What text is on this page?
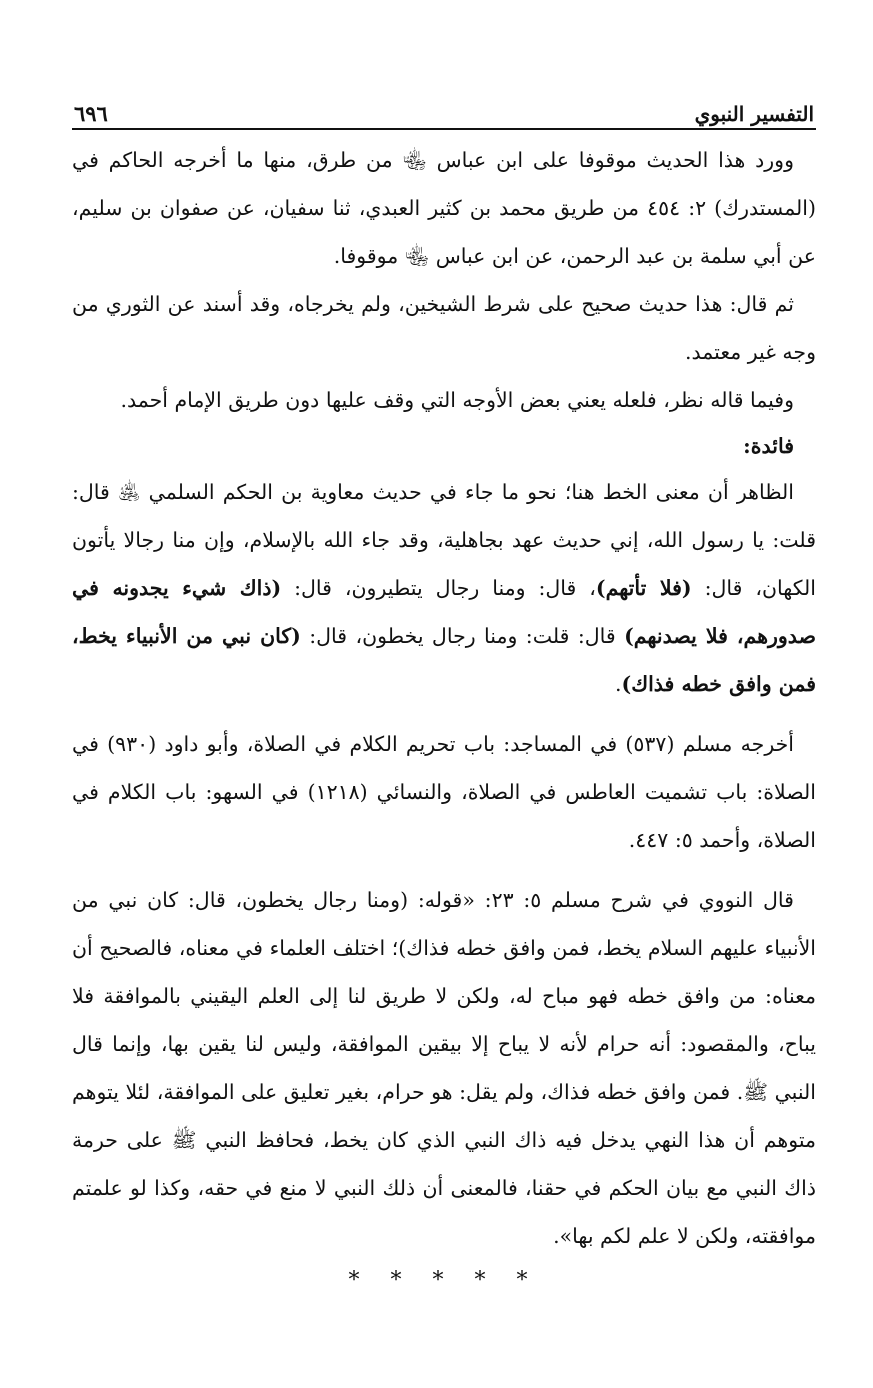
التفسير النبوي
٦٩٦

وورد هذا الحديث موقوفا على ابن عباس ﵄ من طرق، منها ما أخرجه الحاكم في (المستدرك) ٢: ٤٥٤ من طريق محمد بن كثير العبدي، ثنا سفيان، عن صفوان بن سليم، عن أبي سلمة بن عبد الرحمن، عن ابن عباس ﵄ موقوفا.

ثم قال: هذا حديث صحيح على شرط الشيخين، ولم يخرجاه، وقد أسند عن الثوري من وجه غير معتمد.

وفيما قاله نظر، فلعله يعني بعض الأوجه التي وقف عليها دون طريق الإمام أحمد.

فائدة:

الظاهر أن معنى الخط هنا؛ نحو ما جاء في حديث معاوية بن الحكم السلمي ﵁ قال: قلت: يا رسول الله، إني حديث عهد بجاهلية، وقد جاء الله بالإسلام، وإن منا رجالا يأتون الكهان، قال: (فلا تأتهم)، قال: ومنا رجال يتطيرون، قال: (ذاك شيء يجدونه في صدورهم، فلا يصدنهم) قال: قلت: ومنا رجال يخطون، قال: (كان نبي من الأنبياء يخط، فمن وافق خطه فذاك).

أخرجه مسلم (٥٣٧) في المساجد: باب تحريم الكلام في الصلاة، وأبو داود (٩٣٠) في الصلاة: باب تشميت العاطس في الصلاة، والنسائي (١٢١٨) في السهو: باب الكلام في الصلاة، وأحمد ٥: ٤٤٧.

قال النووي في شرح مسلم ٥: ٢٣: «قوله: (ومنا رجال يخطون، قال: كان نبي من الأنبياء عليهم السلام يخط، فمن وافق خطه فذاك)؛ اختلف العلماء في معناه، فالصحيح أن معناه: من وافق خطه فهو مباح له، ولكن لا طريق لنا إلى العلم اليقيني بالموافقة فلا يباح، والمقصود: أنه حرام لأنه لا يباح إلا بيقين الموافقة، وليس لنا يقين بها، وإنما قال النبي ﷺ. فمن وافق خطه فذاك، ولم يقل: هو حرام، بغير تعليق على الموافقة، لئلا يتوهم متوهم أن هذا النهي يدخل فيه ذاك النبي الذي كان يخط، فحافظ النبي ﷺ على حرمة ذاك النبي مع بيان الحكم في حقنا، فالمعنى أن ذلك النبي لا منع في حقه، وكذا لو علمتم موافقته، ولكن لا علم لكم بها».

* * * * *
